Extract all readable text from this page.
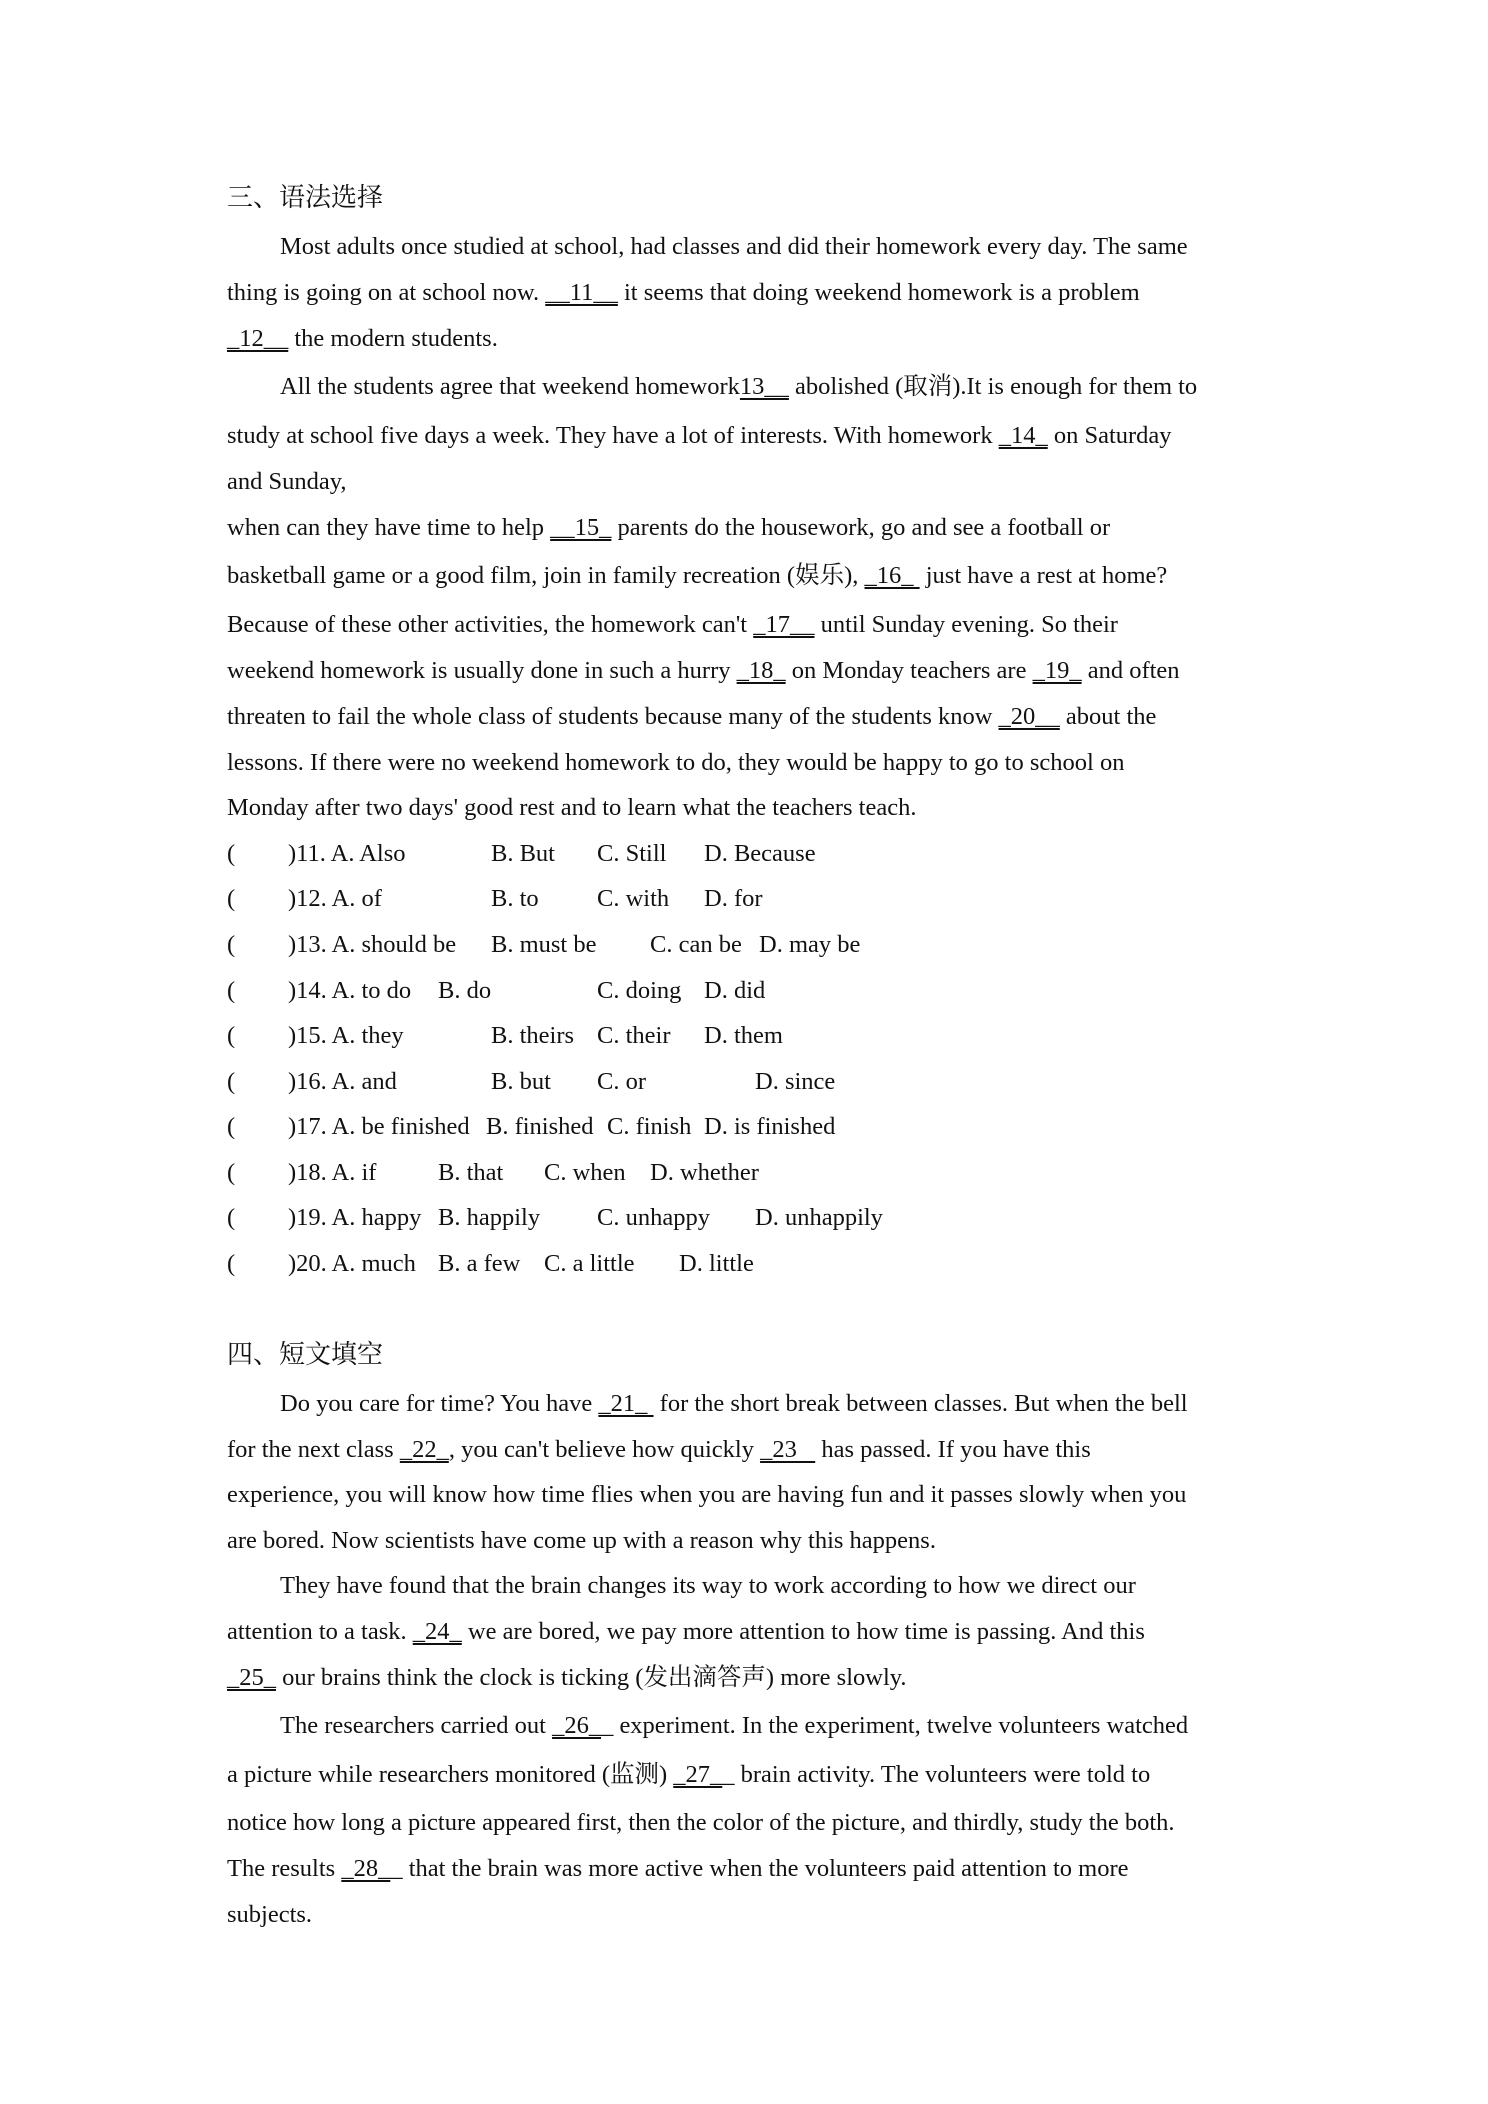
三、语法选择
Most adults once studied at school, had classes and did their homework every day. The same
thing is going on at school now. __11__ it seems that doing weekend homework is a problem
_12__ the modern students.
All the students agree that weekend homework13__ abolished (取消).It is enough for them to
study at school five days a week. They have a lot of interests. With homework _14_ on Saturday
and Sunday,
when can they have time to help __15_ parents do the housework, go and see a football or
basketball game or a good film, join in family recreation (娱乐), _16_  just have a rest at home?
Because of these other activities, the homework can't _17__ until Sunday evening. So their
weekend homework is usually done in such a hurry _18_ on Monday teachers are _19_ and often
threaten to fail the whole class of students because many of the students know _20__ about the
lessons. If there were no weekend homework to do, they would be happy to go to school on
Monday after two days' good rest and to learn what the teachers teach.
( )11. A. Also	B. But C. Still D. Because
( )12. A. of	B. to C. with D. for
( )13. A. should be B. must be C. can be D. may be
( )14. A. to do B. do	C. doing D. did
( )15. A. they	B. theirs C. their D. them
( )16. A. and	B. but C. or	D. since
( )17. A. be finished B. finished C. finish D. is finished
( )18. A. if	B. that C. when D. whether
( )19. A. happy B. happily C. unhappy D. unhappily
( )20. A. much B. a few C. a little D. little
四、短文填空
Do you care for time? You have _21_  for the short break between classes. But when the bell
for the next class _22_, you can't believe how quickly _23    has passed. If you have this
experience, you will know how time flies when you are having fun and it passes slowly when you
are bored. Now scientists have come up with a reason why this happens.
They have found that the brain changes its way to work according to how we direct our
attention to a task. _24_ we are bored, we pay more attention to how time is passing. And this
_25_ our brains think the clock is ticking (发出滴答声) more slowly.
The researchers carried out _26__ experiment. In the experiment, twelve volunteers watched
a picture while researchers monitored (监测) _27__ brain activity. The volunteers were told to
notice how long a picture appeared first, then the color of the picture, and thirdly, study the both.
The results _28__ that the brain was more active when the volunteers paid attention to more
subjects.
